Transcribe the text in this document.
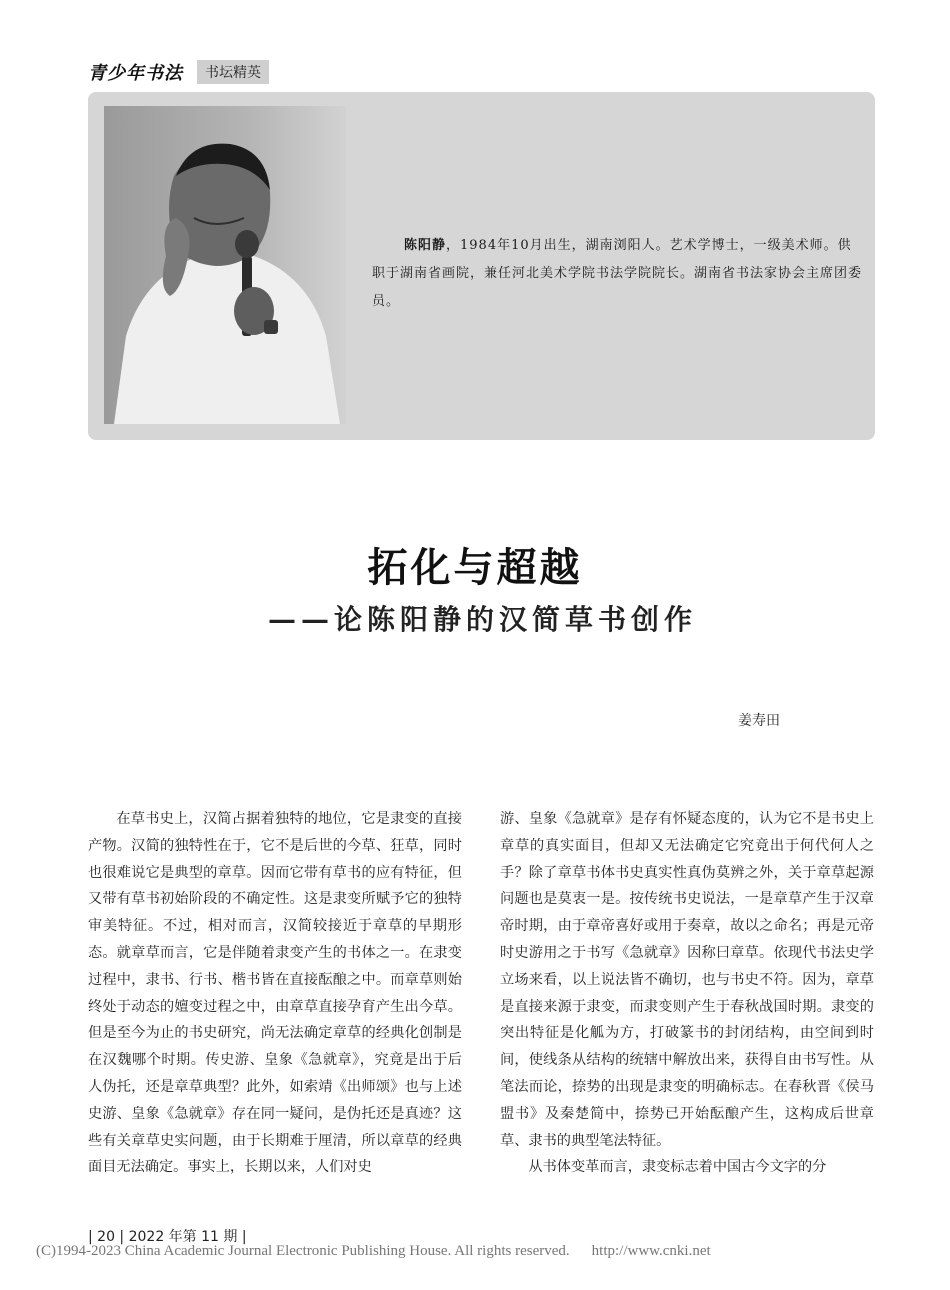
青少年书法	书坛精英

陈阳静，1984年10月出生，湖南浏阳人。艺术学博士，一级美术师。供职于湖南省画院，兼任河北美术学院书法学院院长。湖南省书法家协会主席团委员。

拓化与超越
——论陈阳静的汉简草书创作
姜寿田

在草书史上，汉简占据着独特的地位，它是隶变的直接产物。汉简的独特性在于，它不是后世的今草、狂草，同时也很难说它是典型的章草。因而它带有草书的应有特征，但又带有草书初始阶段的不确定性。这是隶变所赋予它的独特审美特征。不过，相对而言，汉简较接近于章草的早期形态。就章草而言，它是伴随着隶变产生的书体之一。在隶变过程中，隶书、行书、楷书皆在直接酝酿之中。而章草则始终处于动态的嬗变过程之中，由章草直接孕育产生出今草。但是至今为止的书史研究，尚无法确定章草的经典化创制是在汉魏哪个时期。传史游、皇象《急就章》，究竟是出于后人伪托，还是章草典型？此外，如索靖《出师颂》也与上述史游、皇象《急就章》存在同一疑问，是伪托还是真迹？这些有关章草史实问题，由于长期难于厘清，所以章草的经典面目无法确定。事实上，长期以来，人们对史

游、皇象《急就章》是存有怀疑态度的，认为它不是书史上章草的真实面目，但却又无法确定它究竟出于何代何人之手？除了章草书体书史真实性真伪莫辨之外，关于章草起源问题也是莫衷一是。按传统书史说法，一是章草产生于汉章帝时期，由于章帝喜好或用于奏章，故以之命名；再是元帝时史游用之于书写《急就章》因称曰章草。依现代书法史学立场来看，以上说法皆不确切，也与书史不符。因为，章草是直接来源于隶变，而隶变则产生于春秋战国时期。隶变的突出特征是化觚为方，打破篆书的封闭结构，由空间到时间，使线条从结构的统辖中解放出来，获得自由书写性。从笔法而论，捺势的出现是隶变的明确标志。在春秋晋《侯马盟书》及秦楚简中，捺势已开始酝酿产生，这构成后世章草、隶书的典型笔法特征。

从书体变革而言，隶变标志着中国古今文字的分

| 20 | 2022 年第 11 期 |
(C)1994-2023 China Academic Journal Electronic Publishing House. All rights reserved. http://www.cnki.net
